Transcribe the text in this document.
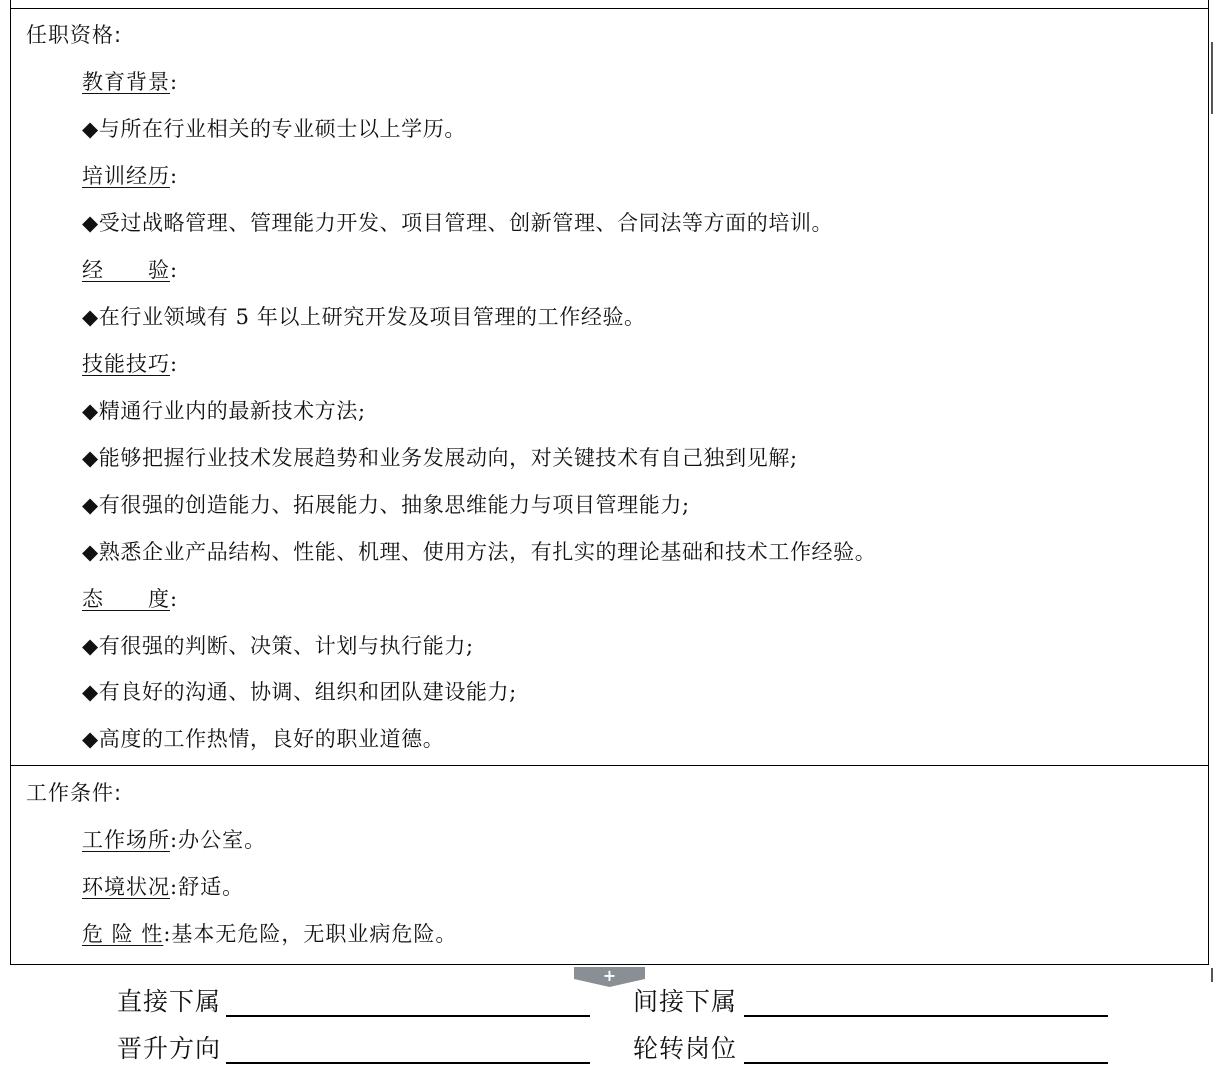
任职资格:
教育背景:
◆与所在行业相关的专业硕士以上学历。
培训经历:
◆受过战略管理、管理能力开发、项目管理、创新管理、合同法等方面的培训。
经　　验:
◆在行业领域有 5 年以上研究开发及项目管理的工作经验。
技能技巧:
◆精通行业内的最新技术方法;
◆能够把握行业技术发展趋势和业务发展动向，对关键技术有自己独到见解;
◆有很强的创造能力、拓展能力、抽象思维能力与项目管理能力;
◆熟悉企业产品结构、性能、机理、使用方法，有扎实的理论基础和技术工作经验。
态　　度:
◆有很强的判断、决策、计划与执行能力;
◆有良好的沟通、协调、组织和团队建设能力;
◆高度的工作热情，良好的职业道德。
工作条件:
工作场所:办公室。
环境状况:舒适。
危 险 性:基本无危险，无职业病危险。
+
直接下属	间接下属
晋升方向	轮转岗位
